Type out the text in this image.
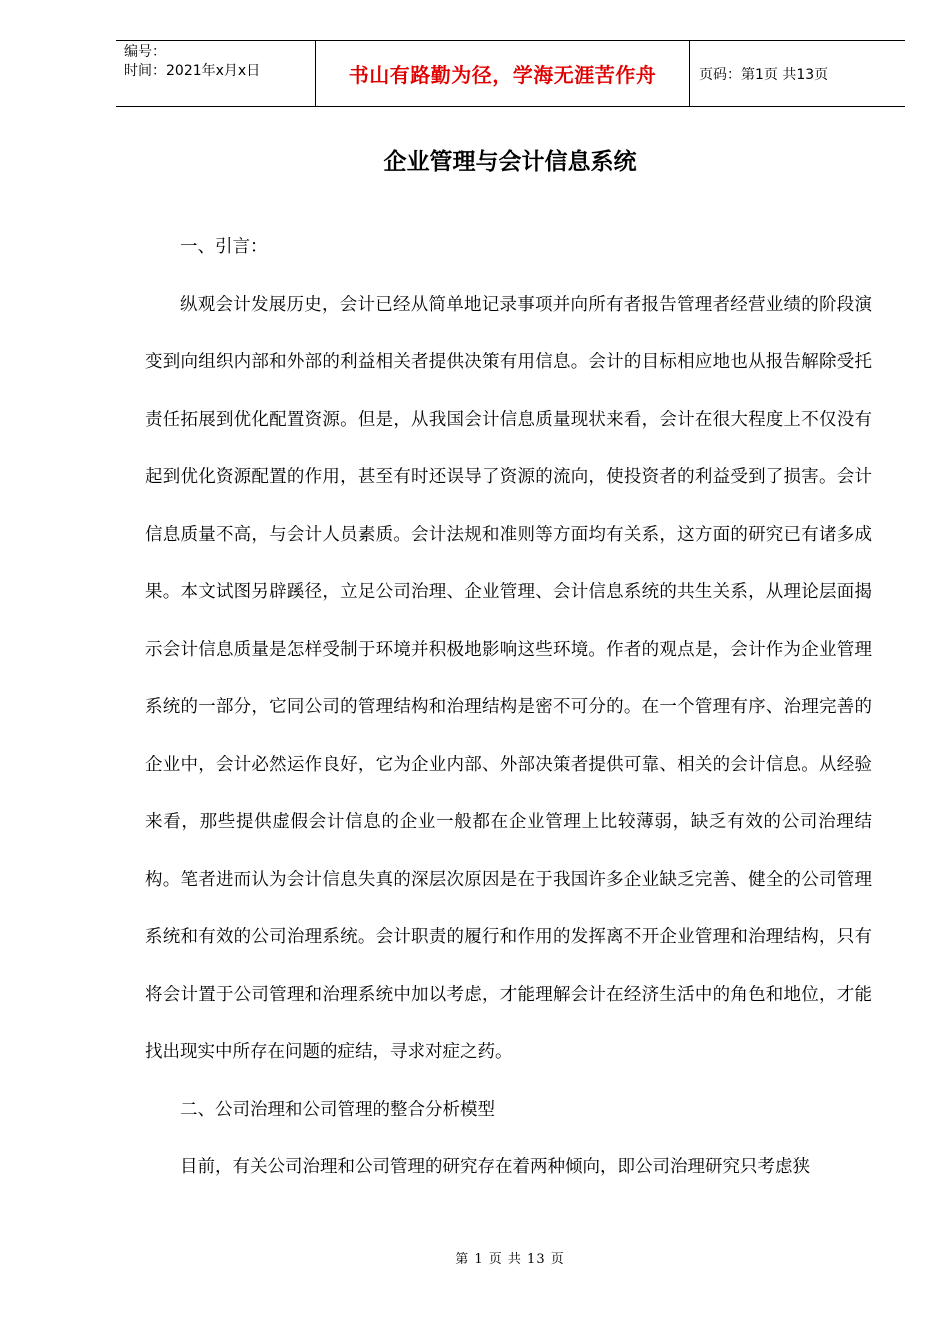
编号：
时间：2021年x月x日	书山有路勤为径，学海无涯苦作舟	页码：第1页 共13页
企业管理与会计信息系统

一、引言：

纵观会计发展历史，会计已经从简单地记录事项并向所有者报告管理者经营业绩的阶段演变到向组织内部和外部的利益相关者提供决策有用信息。会计的目标相应地也从报告解除受托责任拓展到优化配置资源。但是，从我国会计信息质量现状来看，会计在很大程度上不仅没有起到优化资源配置的作用，甚至有时还误导了资源的流向，使投资者的利益受到了损害。会计信息质量不高，与会计人员素质。会计法规和准则等方面均有关系，这方面的研究已有诸多成果。本文试图另辟蹊径，立足公司治理、企业管理、会计信息系统的共生关系，从理论层面揭示会计信息质量是怎样受制于环境并积极地影响这些环境。作者的观点是，会计作为企业管理系统的一部分，它同公司的管理结构和治理结构是密不可分的。在一个管理有序、治理完善的企业中，会计必然运作良好，它为企业内部、外部决策者提供可靠、相关的会计信息。从经验来看，那些提供虚假会计信息的企业一般都在企业管理上比较薄弱，缺乏有效的公司治理结构。笔者进而认为会计信息失真的深层次原因是在于我国许多企业缺乏完善、健全的公司管理系统和有效的公司治理系统。会计职责的履行和作用的发挥离不开企业管理和治理结构，只有将会计置于公司管理和治理系统中加以考虑，才能理解会计在经济生活中的角色和地位，才能找出现实中所存在问题的症结，寻求对症之药。

二、公司治理和公司管理的整合分析模型

目前，有关公司治理和公司管理的研究存在着两种倾向，即公司治理研究只考虑狭

第 1 页 共 13 页
